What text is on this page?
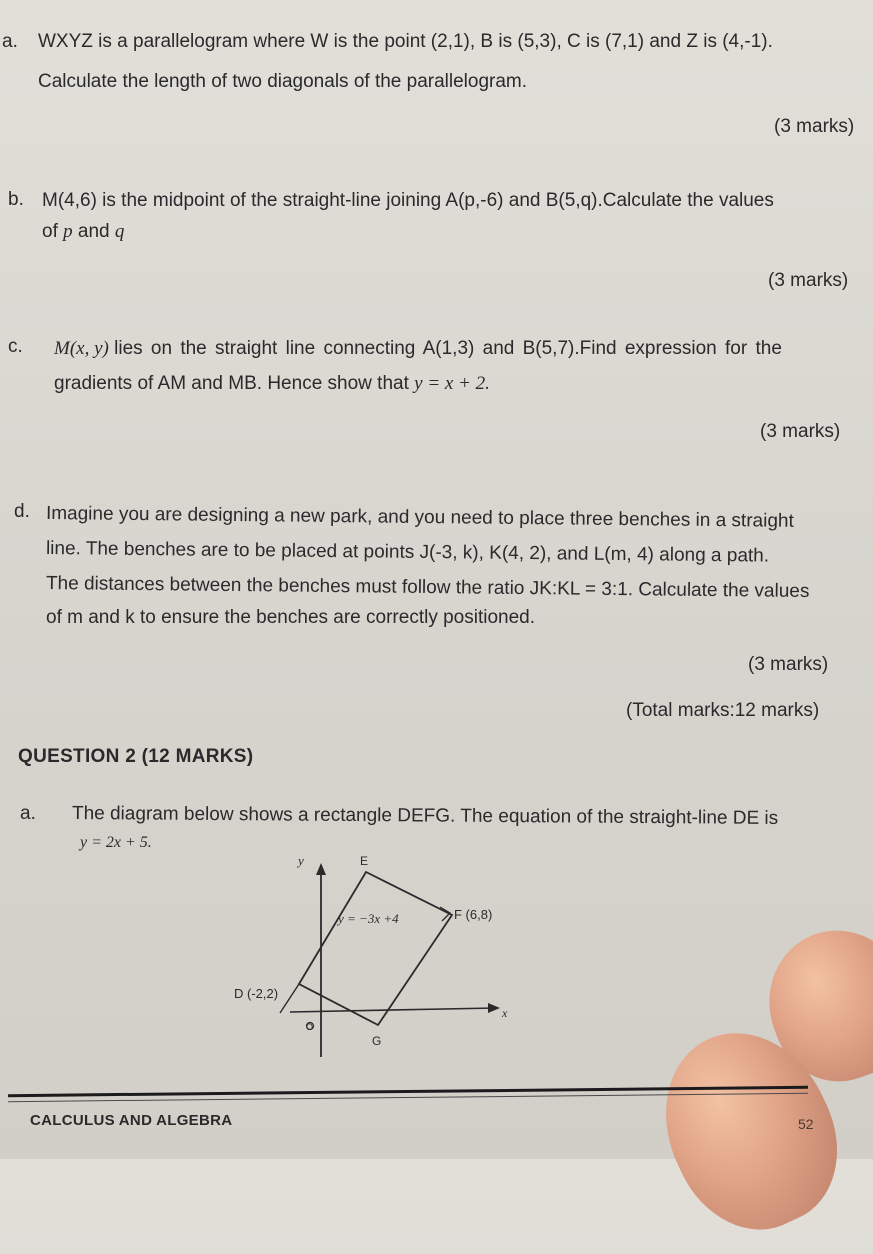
a. WXYZ is a parallelogram where W is the point (2,1), B is (5,3), C is (7,1) and Z is (4,-1).
Calculate the length of two diagonals of the parallelogram.
(3 marks)
b. M(4,6) is the midpoint of the straight-line joining A(p,-6) and B(5,q).Calculate the values
of p and q
(3 marks)
c. M(x, y) lies on the straight line connecting A(1,3) and B(5,7).Find expression for the
gradients of AM and MB. Hence show that y = x + 2.
(3 marks)
d. Imagine you are designing a new park, and you need to place three benches in a straight
line. The benches are to be placed at points J(-3, k), K(4, 2), and L(m, 4) along a path.
The distances between the benches must follow the ratio JK:KL = 3:1. Calculate the values
of m and k to ensure the benches are correctly positioned.
(3 marks)
(Total marks:12 marks)
QUESTION 2 (12 MARKS)
a. The diagram below shows a rectangle DEFG. The equation of the straight-line DE is
y = 2x + 5.
y
x
E
F (6,8)
y = −3x +4
D (-2,2)
O
G
CALCULUS AND ALGEBRA	52
